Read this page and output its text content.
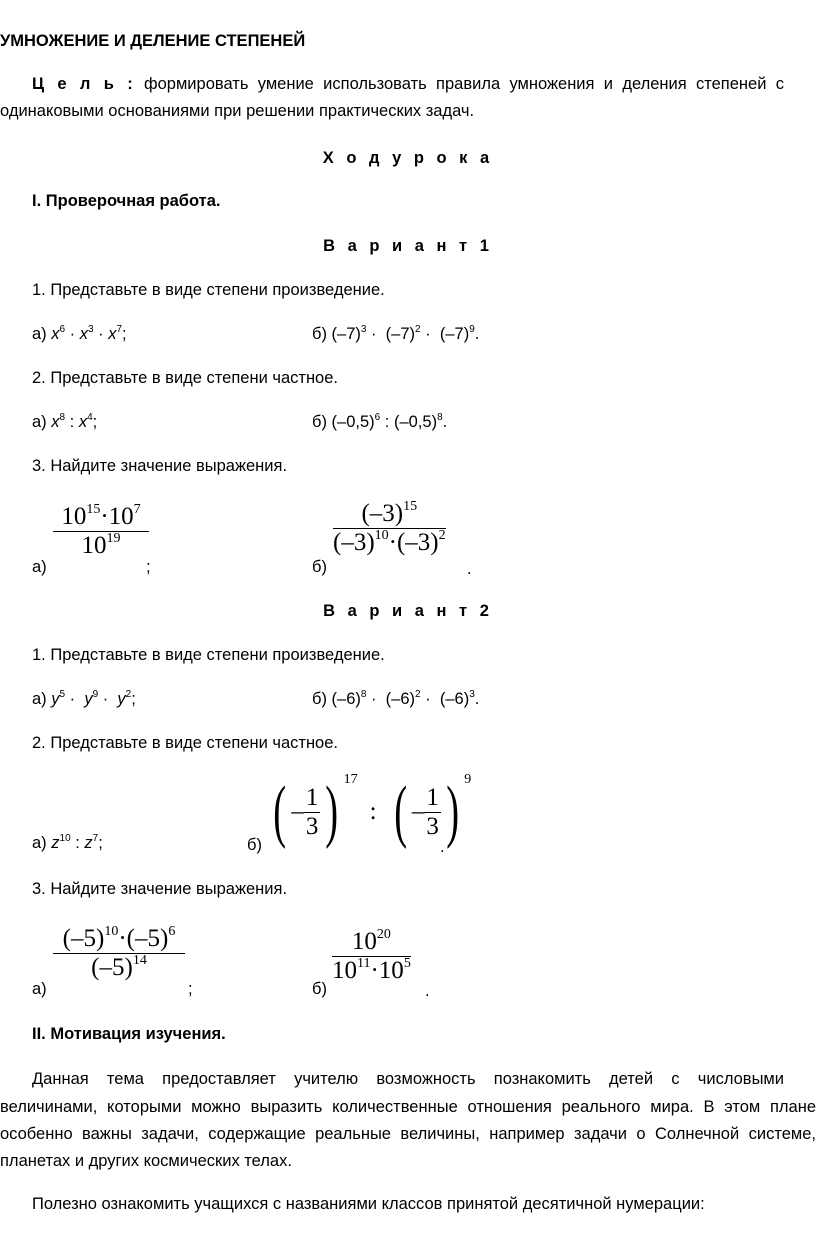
УМНОЖЕНИЕ И ДЕЛЕНИЕ СТЕПЕНЕЙ
Ц е л ь : формировать умение использовать правила умножения и деления степеней с
одинаковыми основаниями при решении практических задач.
Х о д у р о к а
I. Проверочная работа.
В а р и а н т 1
1. Представьте в виде степени произведение.
а) $x^6 \cdot x^3 \cdot x^7$;	б) $(-7)^3 \cdot (-7)^2 \cdot (-7)^9$.
2. Представьте в виде степени частное.
а) $x^8$ : $x^4$;	б) $(-0,5)^6$ : $(-0,5)^8$.
3. Найдите значение выражения.
а)
$\frac{10^{15}\cdot 10^7}{10^{19}}$
;	б)
$\frac{(-3)^{15}}{(-3)^{10}\cdot(-3)^2}$
.
В а р и а н т 2
1. Представьте в виде степени произведение.
а) $y^5 \cdot y^9 \cdot y^2$;	б) $(-6)^8 \cdot (-6)^2 \cdot (-6)^3$.
2. Представьте в виде степени частное.
а) $z^{10}$ : $z^7$;	б) ( – $\frac{1}{3}$ ) 17
: ( – $\frac{1}{3}$ ) 9
.
3. Найдите значение выражения.
а)
$\frac{(-5)^{10}\cdot(-5)^6}{(-5)^{14}}$
;	б)
$\frac{10^{20}}{10^{11}\cdot 10^5}$
.
II. Мотивация изучения.
Данная тема предоставляет учителю возможность познакомить детей с числовыми
величинами, которыми можно выразить количественные отношения реального мира. В этом плане
особенно важны задачи, содержащие реальные величины, например задачи о Солнечной системе,
планетах и других космических телах.
Полезно ознакомить учащихся с названиями классов принятой десятичной нумерации:
